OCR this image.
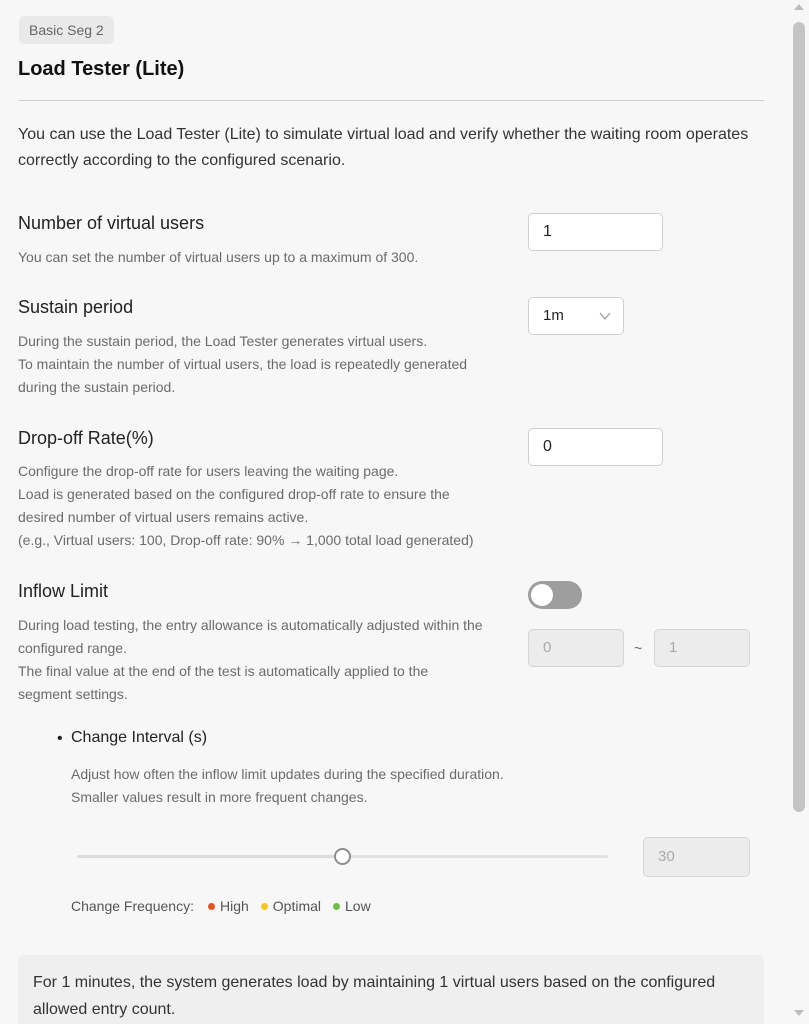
Basic Seg 2
Load Tester (Lite)
You can use the Load Tester (Lite) to simulate virtual load and verify whether the waiting room operates correctly according to the configured scenario.
Number of virtual users
You can set the number of virtual users up to a maximum of 300.
1
Sustain period
During the sustain period, the Load Tester generates virtual users.
To maintain the number of virtual users, the load is repeatedly generated
during the sustain period.
1m
Drop-off Rate(%)
Configure the drop-off rate for users leaving the waiting page.
Load is generated based on the configured drop-off rate to ensure the
desired number of virtual users remains active.
(e.g., Virtual users: 100, Drop-off rate: 90% → 1,000 total load generated)
0
Inflow Limit
During load testing, the entry allowance is automatically adjusted within the
configured range.
The final value at the end of the test is automatically applied to the
segment settings.
0	~	1
• Change Interval (s)
Adjust how often the inflow limit updates during the specified duration.
Smaller values result in more frequent changes.
30
Change Frequency: High Optimal Low
For 1 minutes, the system generates load by maintaining 1 virtual users based on the configured allowed entry count.
